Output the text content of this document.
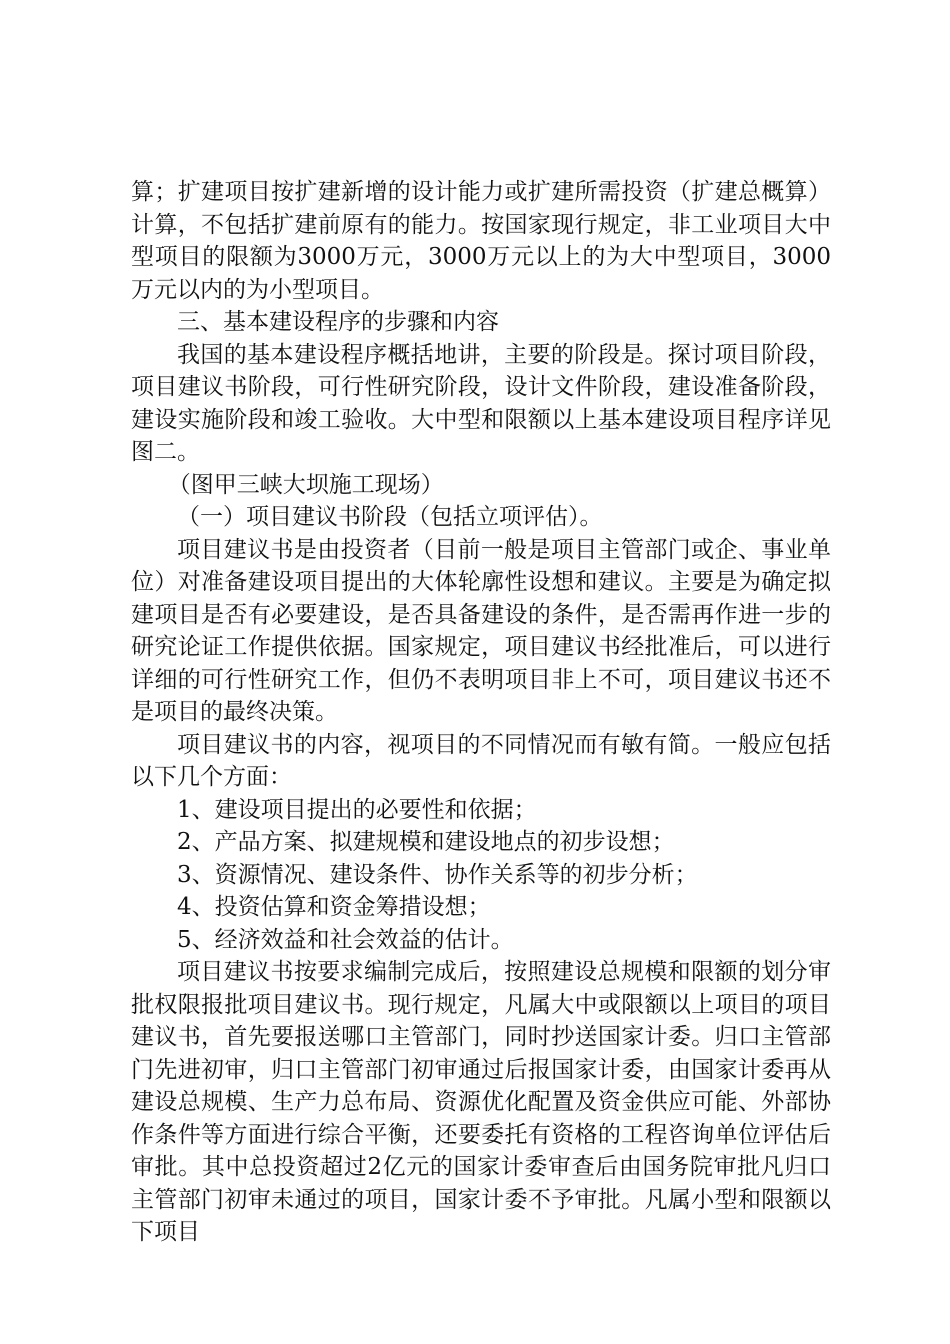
算；扩建项目按扩建新增的设计能力或扩建所需投资（扩建总概算）计算，不包括扩建前原有的能力。按国家现行规定，非工业项目大中型项目的限额为3000万元，3000万元以上的为大中型项目，3000万元以内的为小型项目。

三、基本建设程序的步骤和内容

我国的基本建设程序概括地讲，主要的阶段是。探讨项目阶段，项目建议书阶段，可行性研究阶段，设计文件阶段，建设准备阶段，建设实施阶段和竣工验收。大中型和限额以上基本建设项目程序详见图二。

（图甲三峡大坝施工现场）

（一）项目建议书阶段（包括立项评估）。

项目建议书是由投资者（目前一般是项目主管部门或企、事业单位）对准备建设项目提出的大体轮廓性设想和建议。主要是为确定拟建项目是否有必要建设，是否具备建设的条件，是否需再作进一步的研究论证工作提供依据。国家规定，项目建议书经批准后，可以进行详细的可行性研究工作，但仍不表明项目非上不可，项目建议书还不是项目的最终决策。

项目建议书的内容，视项目的不同情况而有敏有简。一般应包括以下几个方面：

1、建设项目提出的必要性和依据；

2、产品方案、拟建规模和建设地点的初步设想；

3、资源情况、建设条件、协作关系等的初步分析；

4、投资估算和资金筹措设想；

5、经济效益和社会效益的估计。

项目建议书按要求编制完成后，按照建设总规模和限额的划分审批权限报批项目建议书。现行规定，凡属大中或限额以上项目的项目建议书，首先要报送哪口主管部门，同时抄送国家计委。归口主管部门先进初审，归口主管部门初审通过后报国家计委，由国家计委再从建设总规模、生产力总布局、资源优化配置及资金供应可能、外部协作条件等方面进行综合平衡，还要委托有资格的工程咨询单位评估后审批。其中总投资超过2亿元的国家计委审查后由国务院审批凡归口主管部门初审未通过的项目，国家计委不予审批。凡属小型和限额以下项目
